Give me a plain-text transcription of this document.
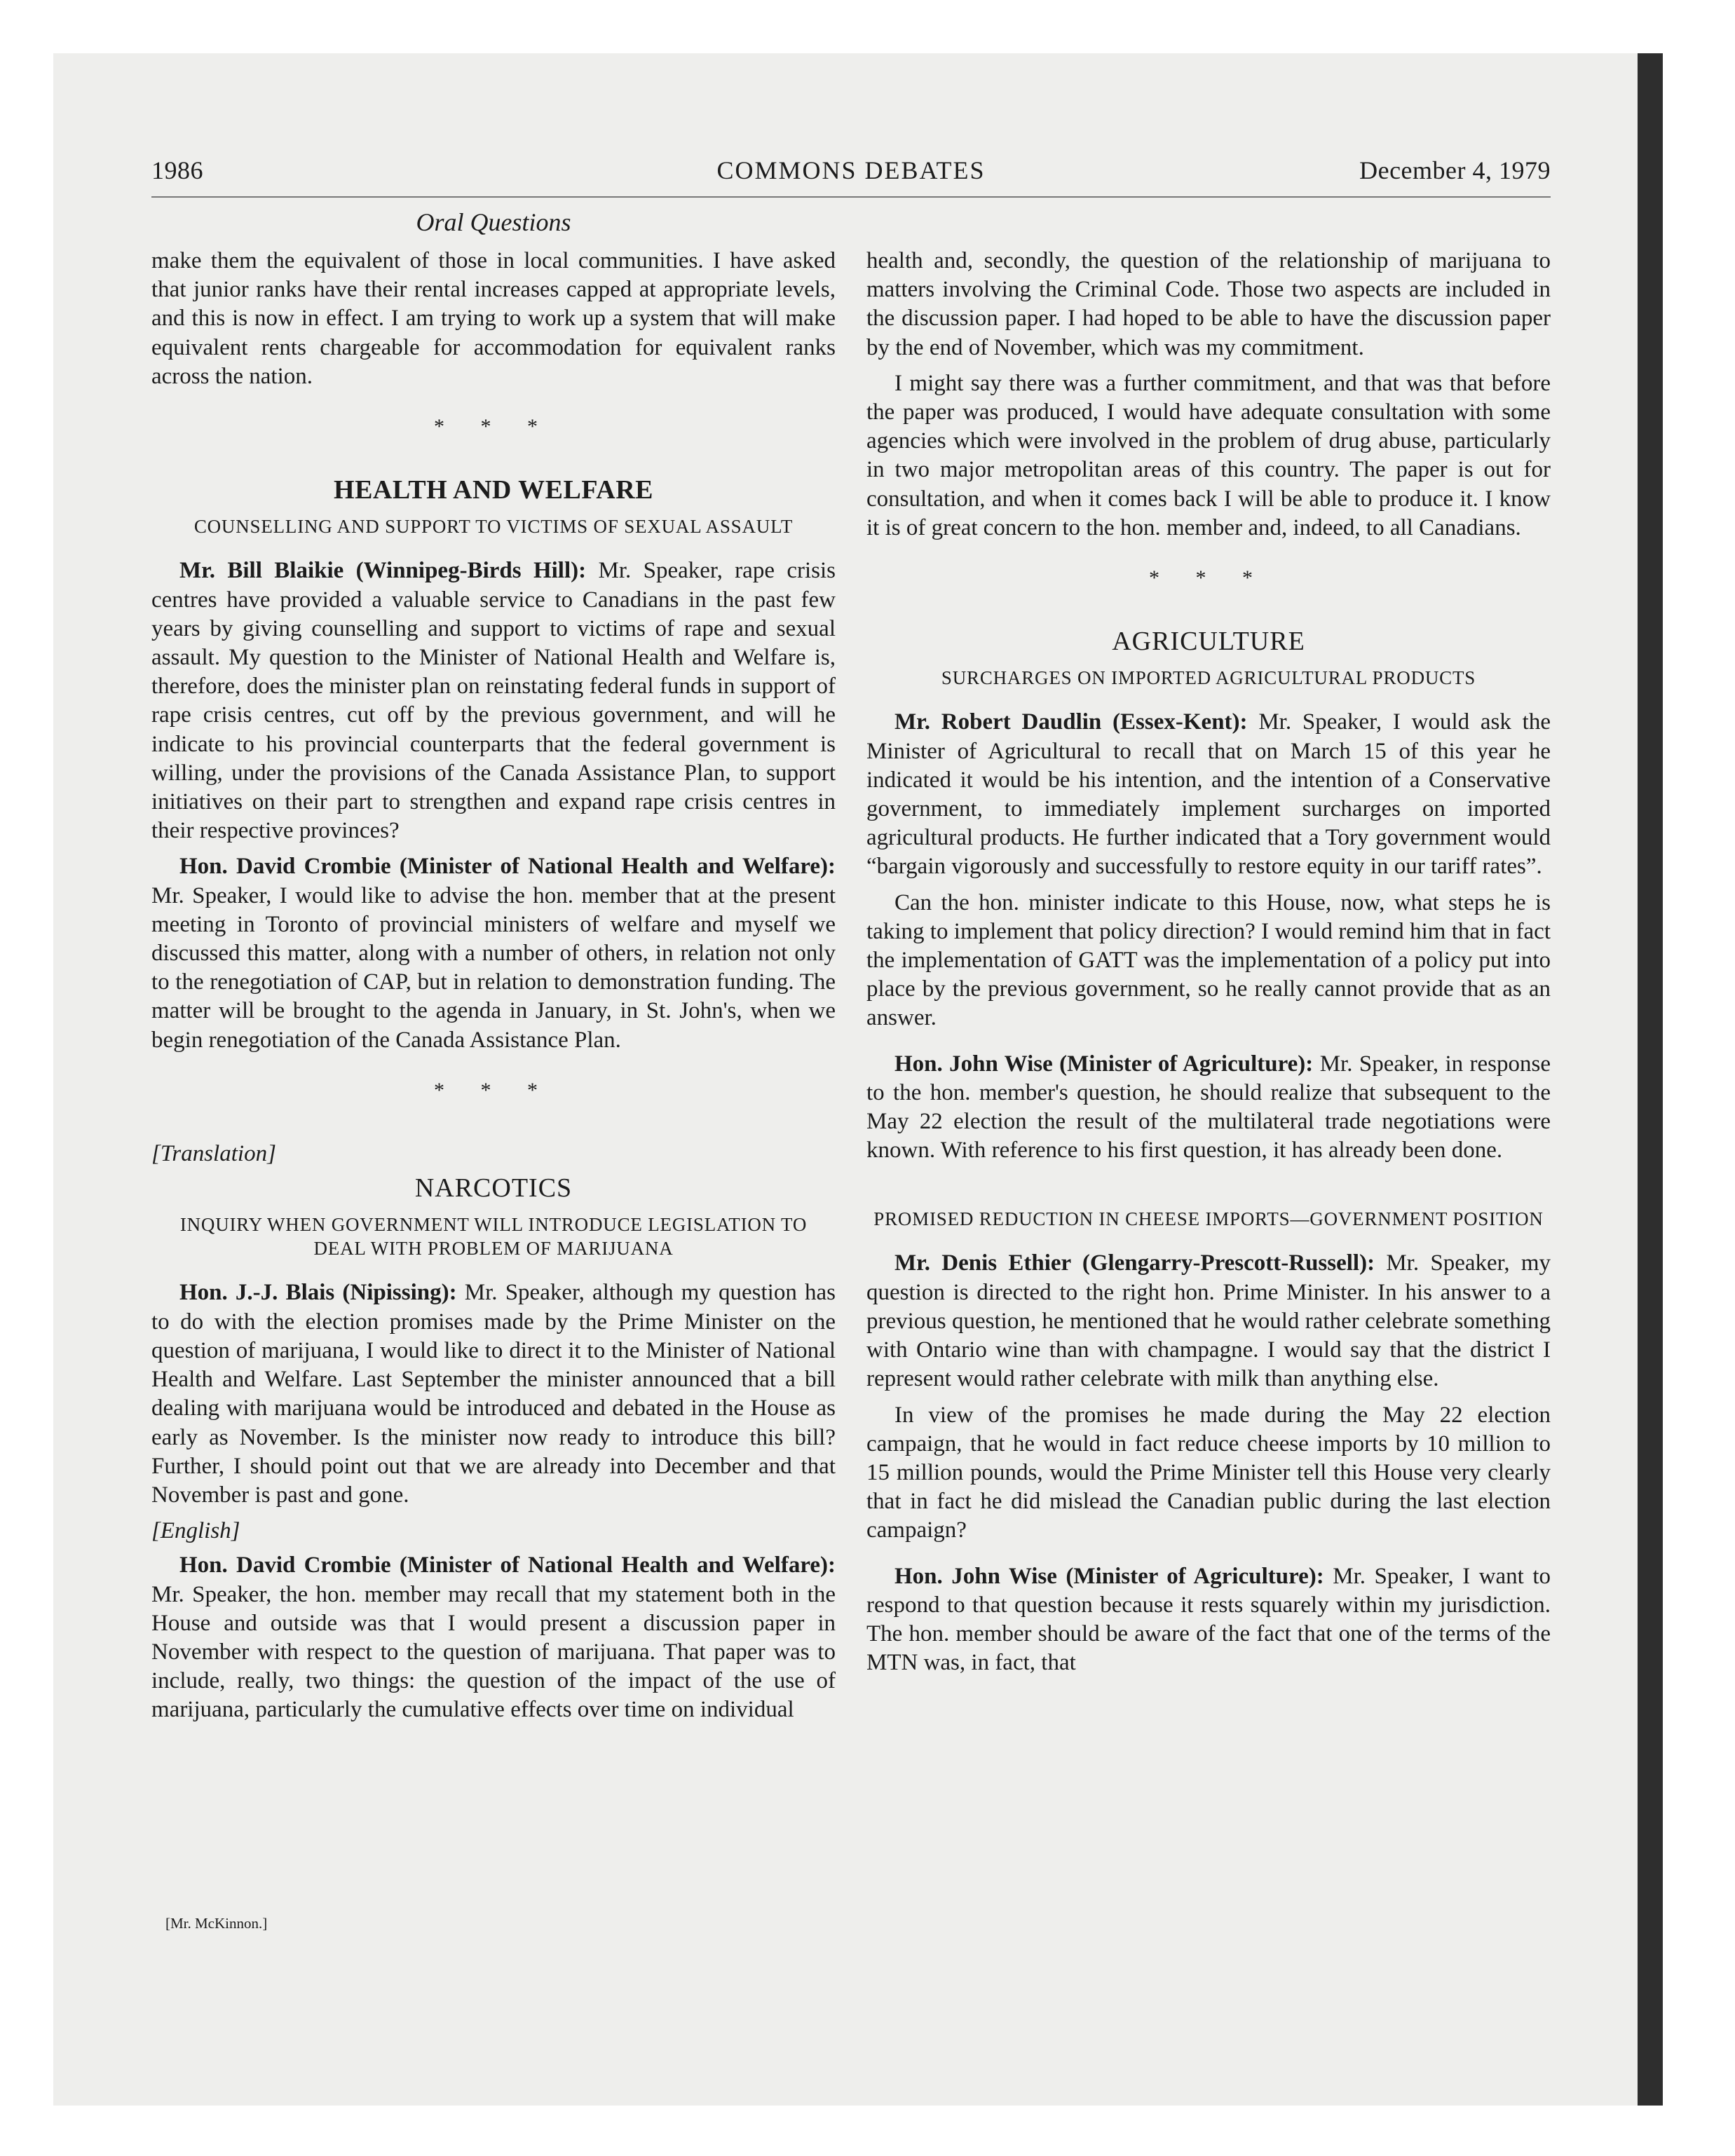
1986	COMMONS DEBATES	December 4, 1979
Oral Questions

make them the equivalent of those in local communities. I have asked that junior ranks have their rental increases capped at appropriate levels, and this is now in effect. I am trying to work up a system that will make equivalent rents chargeable for accommodation for equivalent ranks across the nation.

* * *
HEALTH AND WELFARE
COUNSELLING AND SUPPORT TO VICTIMS OF SEXUAL ASSAULT

Mr. Bill Blaikie (Winnipeg-Birds Hill): Mr. Speaker, rape crisis centres have provided a valuable service to Canadians in the past few years by giving counselling and support to victims of rape and sexual assault. My question to the Minister of National Health and Welfare is, therefore, does the minister plan on reinstating federal funds in support of rape crisis centres, cut off by the previous government, and will he indicate to his provincial counterparts that the federal government is willing, under the provisions of the Canada Assistance Plan, to support initiatives on their part to strengthen and expand rape crisis centres in their respective provinces?

Hon. David Crombie (Minister of National Health and Welfare): Mr. Speaker, I would like to advise the hon. member that at the present meeting in Toronto of provincial ministers of welfare and myself we discussed this matter, along with a number of others, in relation not only to the renegotiation of CAP, but in relation to demonstration funding. The matter will be brought to the agenda in January, in St. John's, when we begin renegotiation of the Canada Assistance Plan.

* * *
[Translation]
NARCOTICS
INQUIRY WHEN GOVERNMENT WILL INTRODUCE LEGISLATION TO DEAL WITH PROBLEM OF MARIJUANA

Hon. J.-J. Blais (Nipissing): Mr. Speaker, although my question has to do with the election promises made by the Prime Minister on the question of marijuana, I would like to direct it to the Minister of National Health and Welfare. Last September the minister announced that a bill dealing with marijuana would be introduced and debated in the House as early as November. Is the minister now ready to introduce this bill? Further, I should point out that we are already into December and that November is past and gone.

[English]

Hon. David Crombie (Minister of National Health and Welfare): Mr. Speaker, the hon. member may recall that my statement both in the House and outside was that I would present a discussion paper in November with respect to the question of marijuana. That paper was to include, really, two things: the question of the impact of the use of marijuana, particularly the cumulative effects over time on individual

[Mr. McKinnon.]

health and, secondly, the question of the relationship of marijuana to matters involving the Criminal Code. Those two aspects are included in the discussion paper. I had hoped to be able to have the discussion paper by the end of November, which was my commitment.

I might say there was a further commitment, and that was that before the paper was produced, I would have adequate consultation with some agencies which were involved in the problem of drug abuse, particularly in two major metropolitan areas of this country. The paper is out for consultation, and when it comes back I will be able to produce it. I know it is of great concern to the hon. member and, indeed, to all Canadians.

* * *
AGRICULTURE
SURCHARGES ON IMPORTED AGRICULTURAL PRODUCTS

Mr. Robert Daudlin (Essex-Kent): Mr. Speaker, I would ask the Minister of Agricultural to recall that on March 15 of this year he indicated it would be his intention, and the intention of a Conservative government, to immediately implement surcharges on imported agricultural products. He further indicated that a Tory government would “bargain vigorously and successfully to restore equity in our tariff rates”.

Can the hon. minister indicate to this House, now, what steps he is taking to implement that policy direction? I would remind him that in fact the implementation of GATT was the implementation of a policy put into place by the previous government, so he really cannot provide that as an answer.

Hon. John Wise (Minister of Agriculture): Mr. Speaker, in response to the hon. member's question, he should realize that subsequent to the May 22 election the result of the multilateral trade negotiations were known. With reference to his first question, it has already been done.

PROMISED REDUCTION IN CHEESE IMPORTS—GOVERNMENT POSITION

Mr. Denis Ethier (Glengarry-Prescott-Russell): Mr. Speaker, my question is directed to the right hon. Prime Minister. In his answer to a previous question, he mentioned that he would rather celebrate something with Ontario wine than with champagne. I would say that the district I represent would rather celebrate with milk than anything else.

In view of the promises he made during the May 22 election campaign, that he would in fact reduce cheese imports by 10 million to 15 million pounds, would the Prime Minister tell this House very clearly that in fact he did mislead the Canadian public during the last election campaign?

Hon. John Wise (Minister of Agriculture): Mr. Speaker, I want to respond to that question because it rests squarely within my jurisdiction. The hon. member should be aware of the fact that one of the terms of the MTN was, in fact, that
